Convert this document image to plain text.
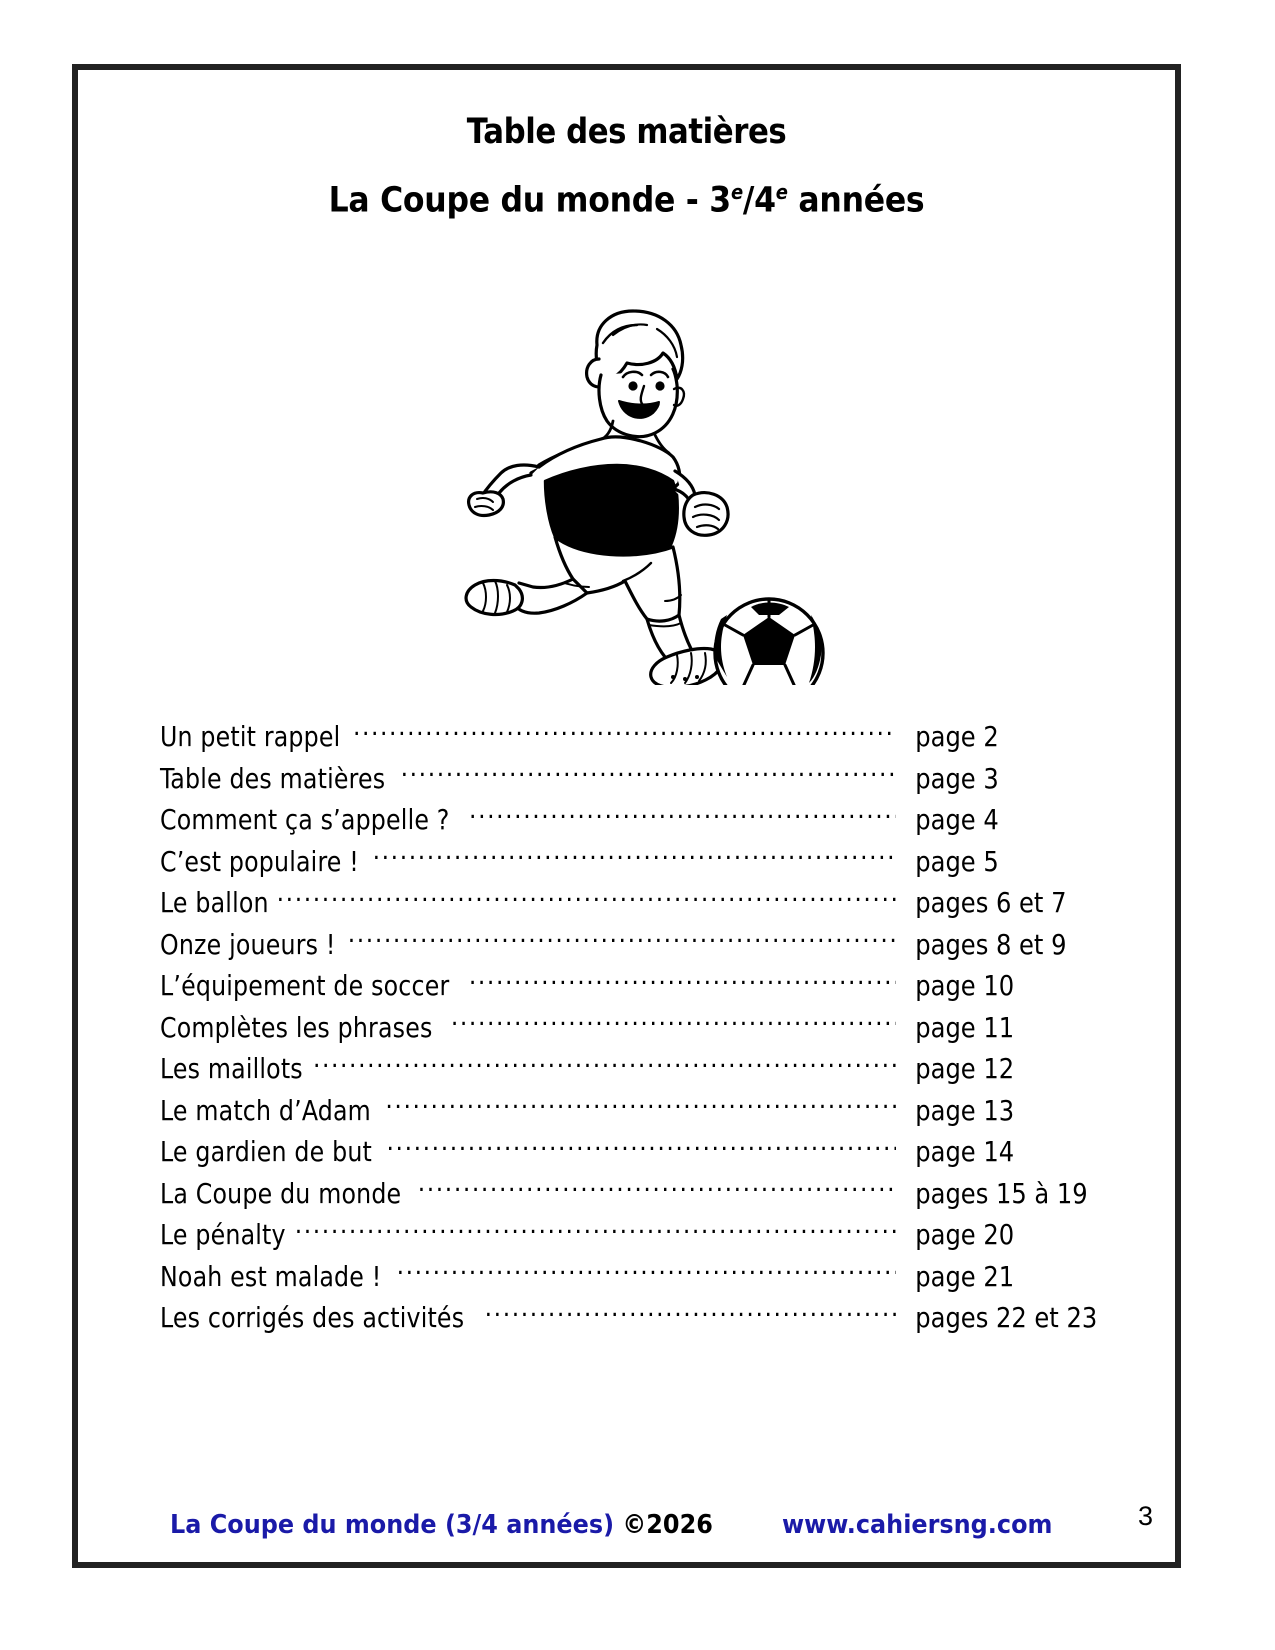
Table des matières
La Coupe du monde - 3e/4e années
Un petit rappel .....	page 2
Table des matières .....	page 3
Comment ça s’appelle ? .....	page 4
C’est populaire ! .....	page 5
Le ballon .....	pages 6 et 7
Onze joueurs ! .....	pages 8 et 9
L’équipement de soccer .....	page 10
Complètes les phrases .....	page 11
Les maillots .....	page 12
Le match d’Adam .....	page 13
Le gardien de but .....	page 14
La Coupe du monde .....	pages 15 à 19
Le pénalty .....	page 20
Noah est malade ! .....	page 21
Les corrigés des activités .....	pages 22 et 23
La Coupe du monde (3/4 années) ©2026	www.cahiersng.com	3
